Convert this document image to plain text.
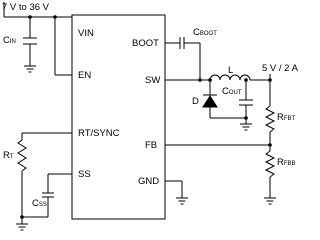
7 V to 36 V
CIN
VIN
EN
RT/SYNC
SS
BOOT
SW
FB
GND
CBOOT
L	5 V / 2 A
D
COUT
RFBT
RFBB
RT
CSS
